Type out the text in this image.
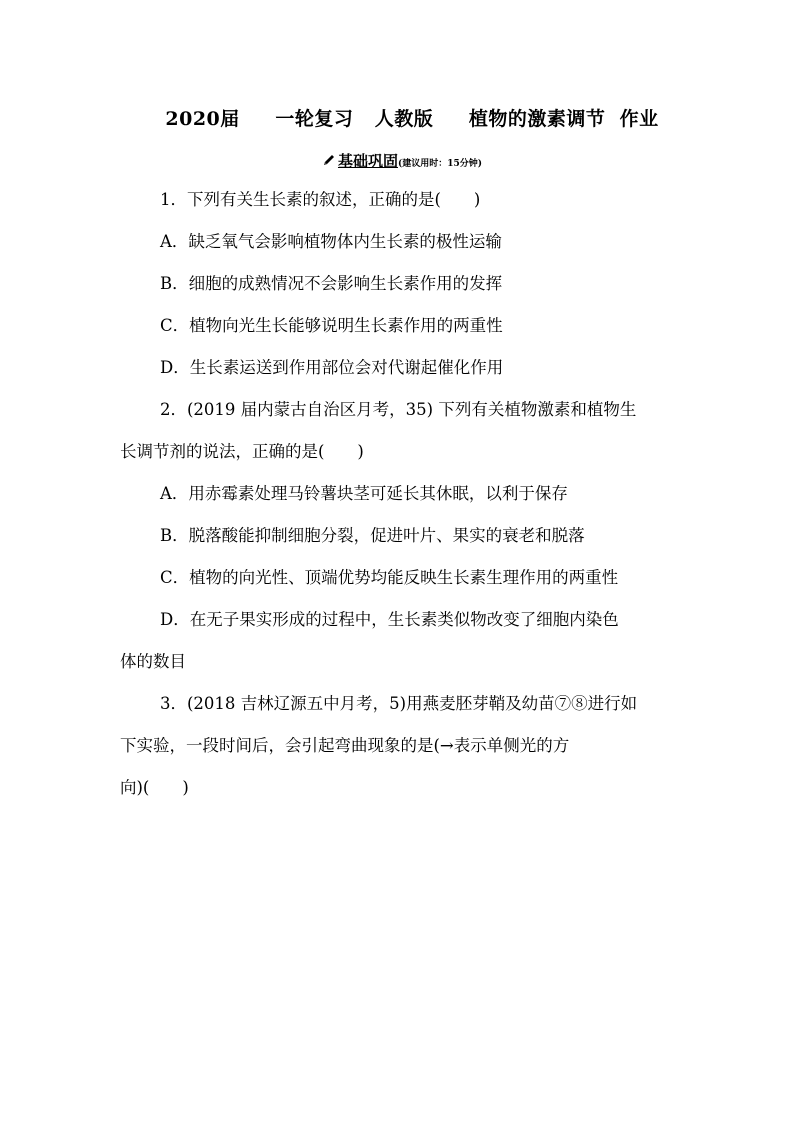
2020届 一轮复习 人教版 植物的激素调节 作业
基础巩固(建议用时：15分钟)
1．下列有关生长素的叙述，正确的是(　　)
A．缺乏氧气会影响植物体内生长素的极性运输
B．细胞的成熟情况不会影响生长素作用的发挥
C．植物向光生长能够说明生长素作用的两重性
D．生长素运送到作用部位会对代谢起催化作用
2．(2019 届内蒙古自治区月考，35) 下列有关植物激素和植物生
长调节剂的说法，正确的是(　　)
A．用赤霉素处理马铃薯块茎可延长其休眠，以利于保存
B．脱落酸能抑制细胞分裂，促进叶片、果实的衰老和脱落
C．植物的向光性、顶端优势均能反映生长素生理作用的两重性
D．在无子果实形成的过程中，生长素类似物改变了细胞内染色
体的数目
3．(2018 吉林辽源五中月考，5)用燕麦胚芽鞘及幼苗⑦⑧进行如
下实验，一段时间后，会引起弯曲现象的是(→表示单侧光的方
向)(　　)
